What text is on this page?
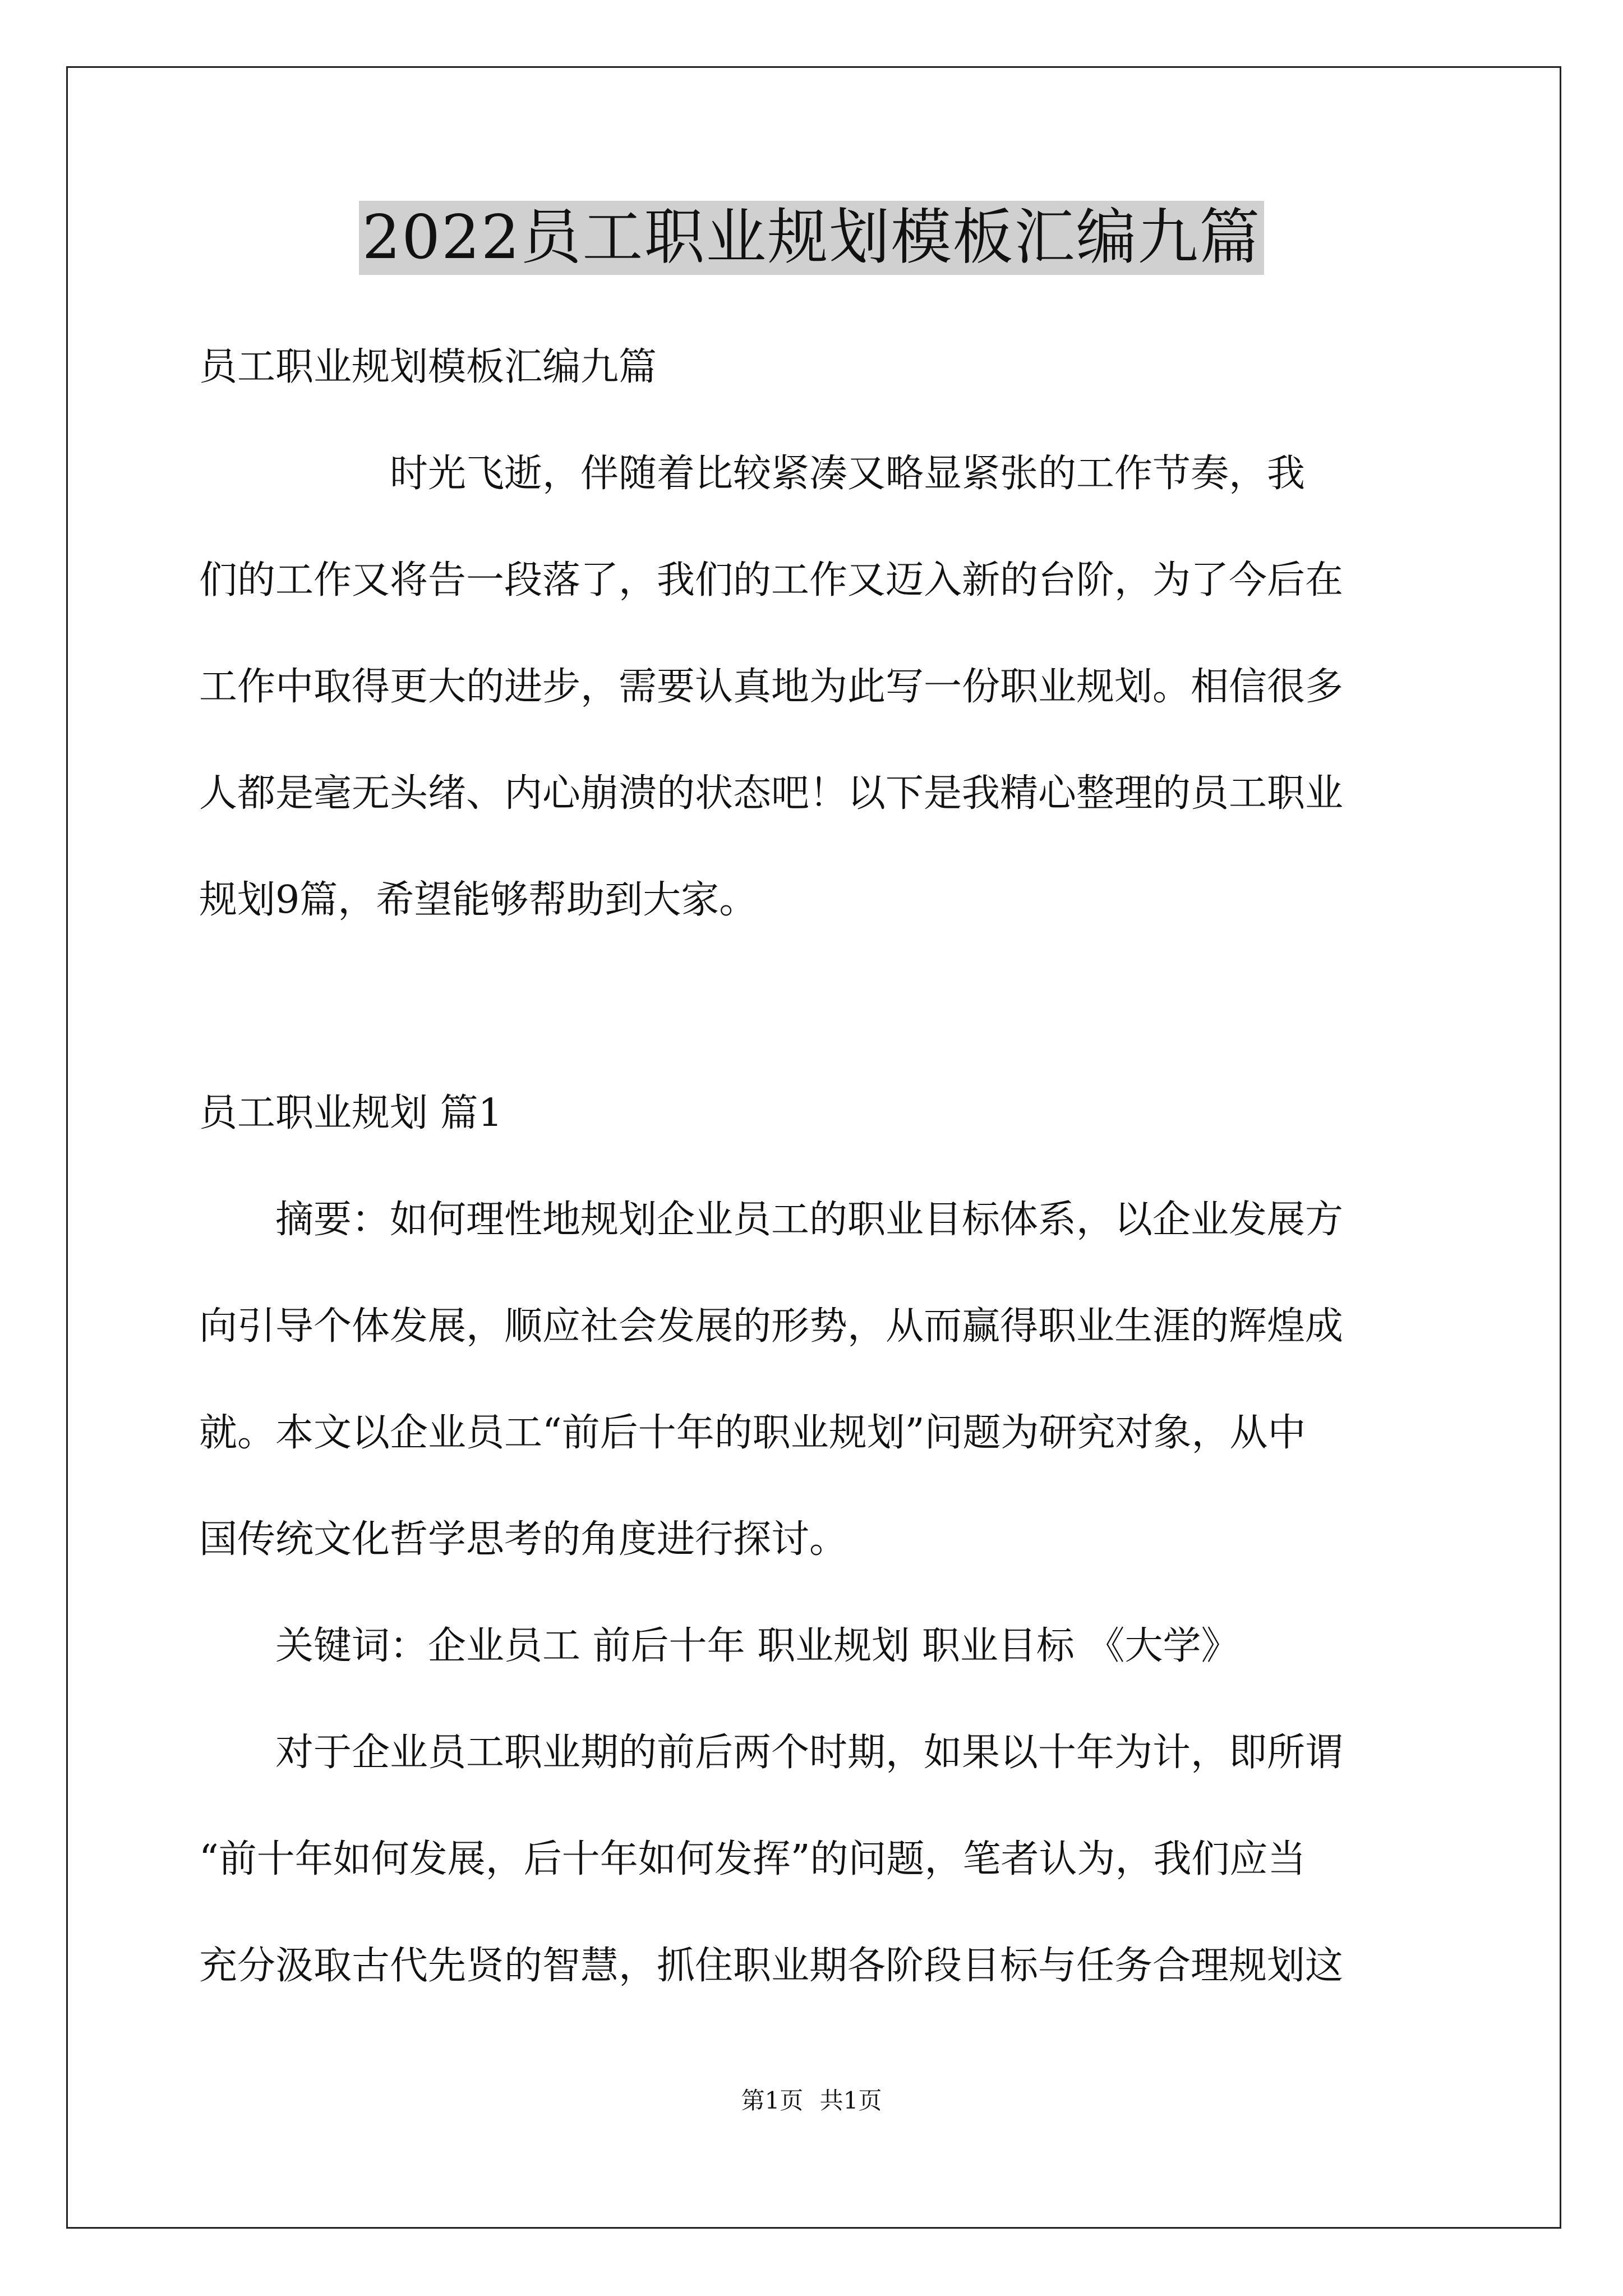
2022员工职业规划模板汇编九篇
员工职业规划模板汇编九篇
　　　　　时光飞逝，伴随着比较紧凑又略显紧张的工作节奏，我
们的工作又将告一段落了，我们的工作又迈入新的台阶，为了今后在
工作中取得更大的进步，需要认真地为此写一份职业规划。相信很多
人都是毫无头绪、内心崩溃的状态吧！以下是我精心整理的员工职业
规划9篇，希望能够帮助到大家。
员工职业规划 篇1
　　摘要：如何理性地规划企业员工的职业目标体系，以企业发展方
向引导个体发展，顺应社会发展的形势，从而赢得职业生涯的辉煌成
就。本文以企业员工“前后十年的职业规划”问题为研究对象，从中
国传统文化哲学思考的角度进行探讨。
　　关键词：企业员工 前后十年 职业规划 职业目标 《大学》
　　对于企业员工职业期的前后两个时期，如果以十年为计，即所谓
“前十年如何发展，后十年如何发挥”的问题，笔者认为，我们应当
充分汲取古代先贤的智慧，抓住职业期各阶段目标与任务合理规划这
第1页 共1页
